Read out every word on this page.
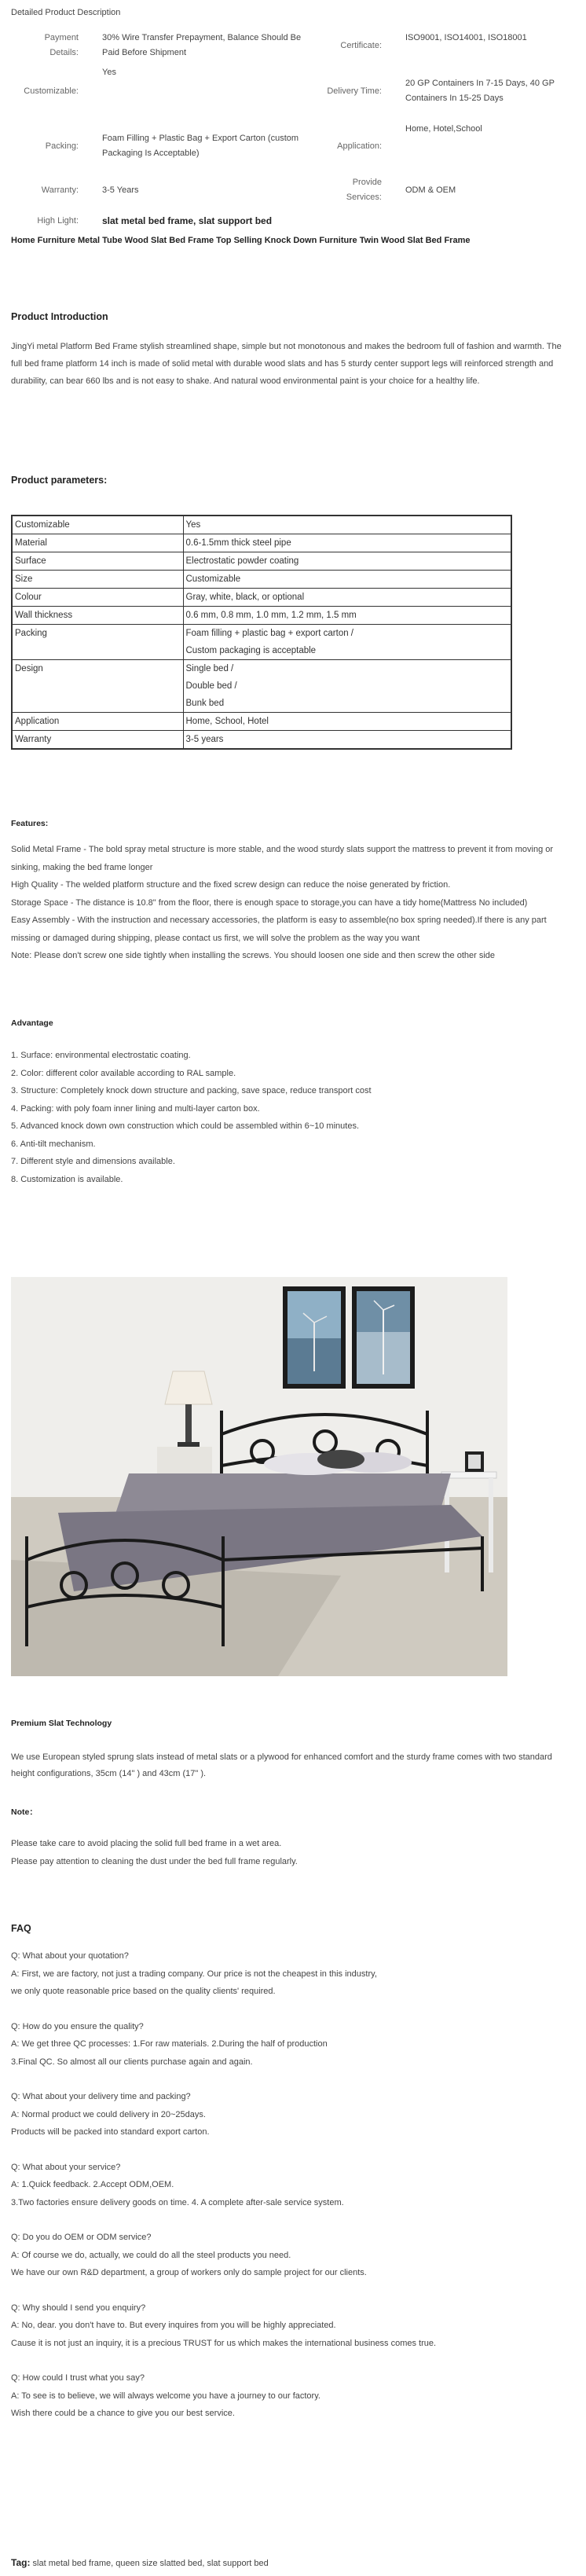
Detailed Product Description
Payment Details:	30% Wire Transfer Prepayment, Balance Should Be Paid Before Shipment	Certificate:	ISO9001, ISO14001, ISO18001
Customizable:	Yes	Delivery Time:	20 GP Containers In 7-15 Days, 40 GP Containers In 15-25 Days
Packing:	Foam Filling + Plastic Bag + Export Carton (custom Packaging Is Acceptable)	Application:	Home, Hotel,School
Warranty:	3-5 Years	Provide Services:	ODM & OEM
High Light:	slat metal bed frame, slat support bed		
Home Furniture Metal Tube Wood Slat Bed Frame Top Selling Knock Down Furniture Twin Wood Slat Bed Frame
Product Introduction
JingYi metal Platform Bed Frame stylish streamlined shape, simple but not monotonous and makes the bedroom full of fashion and warmth. The full bed frame platform 14 inch is made of solid metal with durable wood slats and has 5 sturdy center support legs will reinforced strength and durability, can bear 660 lbs and is not easy to shake. And natural wood environmental paint is your choice for a healthy life.
Product parameters:
Customizable	Yes

Material	0.6-1.5mm thick steel pipe

Surface	Electrostatic powder coating

Size	Customizable

Colour	Gray, white, black, or optional

Wall thickness	0.6 mm, 0.8 mm, 1.0 mm, 1.2 mm, 1.5 mm

Packing	Foam filling + plastic bag + export carton /
Custom packaging is acceptable

Design	Single bed /
Double bed /
Bunk bed

Application	Home, School, Hotel

Warranty	3-5 years
Features:
Solid Metal Frame - The bold spray metal structure is more stable, and the wood sturdy slats support the mattress to prevent it from moving or sinking, making the bed frame longer
High Quality - The welded platform structure and the fixed screw design can reduce the noise generated by friction.
Storage Space - The distance is 10.8" from the floor, there is enough space to storage,you can have a tidy home(Mattress No included)
Easy Assembly - With the instruction and necessary accessories, the platform is easy to assemble(no box spring needed).If there is any part missing or damaged during shipping, please contact us first, we will solve the problem as the way you want
Note: Please don't screw one side tightly when installing the screws. You should loosen one side and then screw the other side
Advantage
1. Surface: environmental electrostatic coating.
2. Color: different color available according to RAL sample.
3. Structure: Completely knock down structure and packing, save space, reduce transport cost
4. Packing: with poly foam inner lining and multi-layer carton box.
5. Advanced knock down own construction which could be assembled within 6~10 minutes.
6. Anti-tilt mechanism.
7. Different style and dimensions available.
8. Customization is available.
Premium Slat Technology
We use European styled sprung slats instead of metal slats or a plywood for enhanced comfort and the sturdy frame comes with two standard height configurations, 35cm (14" ) and 43cm (17" ).
Note：
Please take care to avoid placing the solid full bed frame in a wet area.
Please pay attention to cleaning the dust under the bed full frame regularly.
FAQ
Q: What about your quotation?
A: First, we are factory, not just a trading company. Our price is not the cheapest in this industry,
we only quote reasonable price based on the quality clients' required.
Q: How do you ensure the quality?
A: We get three QC processes: 1.For raw materials. 2.During the half of production
3.Final QC. So almost all our clients purchase again and again.
Q: What about your delivery time and packing?
A: Normal product we could delivery in 20~25days.
Products will be packed into standard export carton.
Q: What about your service?
A: 1.Quick feedback. 2.Accept ODM,OEM.
3.Two factories ensure delivery goods on time. 4. A complete after-sale service system.
Q: Do you do OEM or ODM service?
A: Of course we do, actually, we could do all the steel products you need.
We have our own R&D department, a group of workers only do sample project for our clients.
Q: Why should I send you enquiry?
A: No, dear. you don't have to. But every inquires from you will be highly appreciated.
Cause it is not just an inquiry, it is a precious TRUST for us which makes the international business comes true.
Q: How could I trust what you say?
A: To see is to believe, we will always welcome you have a journey to our factory.
Wish there could be a chance to give you our best service.
Tag: slat metal bed frame, queen size slatted bed, slat support bed
